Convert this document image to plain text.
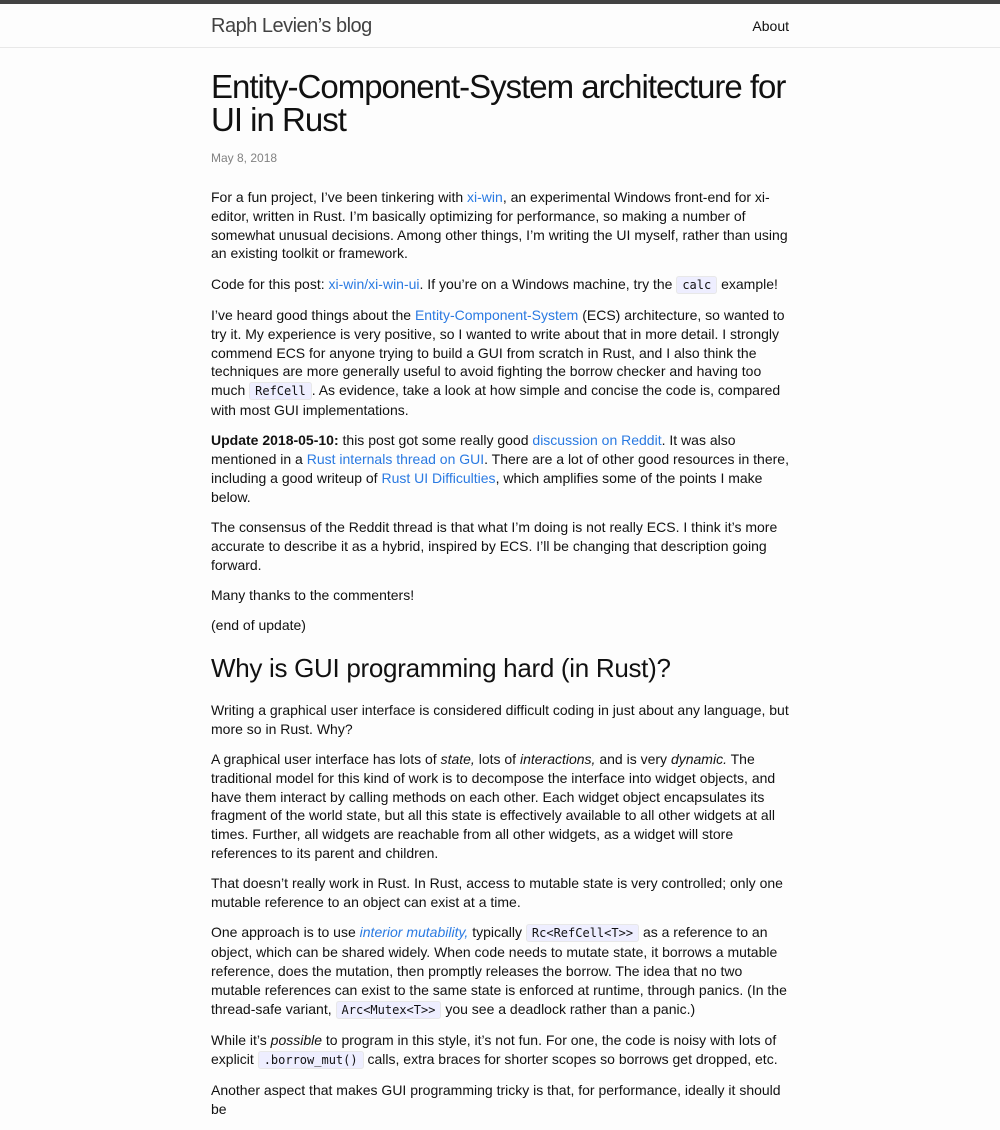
Raph Levien’s blog	About
Entity-Component-System architecture for UI in Rust

May 8, 2018

For a fun project, I’ve been tinkering with xi-win, an experimental Windows front-end for xi-editor, written in Rust. I’m basically optimizing for performance, so making a number of somewhat unusual decisions. Among other things, I’m writing the UI myself, rather than using an existing toolkit or framework.

Code for this post: xi-win/xi-win-ui. If you’re on a Windows machine, try the calc example!

I’ve heard good things about the Entity-Component-System (ECS) architecture, so wanted to try it. My experience is very positive, so I wanted to write about that in more detail. I strongly commend ECS for anyone trying to build a GUI from scratch in Rust, and I also think the techniques are more generally useful to avoid fighting the borrow checker and having too much RefCell . As evidence, take a look at how simple and concise the code is, compared with most GUI implementations.

Update 2018-05-10: this post got some really good discussion on Reddit. It was also mentioned in a Rust internals thread on GUI. There are a lot of other good resources in there, including a good writeup of Rust UI Difficulties, which amplifies some of the points I make below.

The consensus of the Reddit thread is that what I’m doing is not really ECS. I think it’s more accurate to describe it as a hybrid, inspired by ECS. I’ll be changing that description going forward.

Many thanks to the commenters!

(end of update)

Why is GUI programming hard (in Rust)?

Writing a graphical user interface is considered difficult coding in just about any language, but more so in Rust. Why?

A graphical user interface has lots of state, lots of interactions, and is very dynamic. The traditional model for this kind of work is to decompose the interface into widget objects, and have them interact by calling methods on each other. Each widget object encapsulates its fragment of the world state, but all this state is effectively available to all other widgets at all times. Further, all widgets are reachable from all other widgets, as a widget will store references to its parent and children.

That doesn’t really work in Rust. In Rust, access to mutable state is very controlled; only one mutable reference to an object can exist at a time.

One approach is to use interior mutability, typically Rc<RefCell<T>> as a reference to an object, which can be shared widely. When code needs to mutate state, it borrows a mutable reference, does the mutation, then promptly releases the borrow. The idea that no two mutable references can exist to the same state is enforced at runtime, through panics. (In the thread-safe variant, Arc<Mutex<T>> you see a deadlock rather than a panic.)

While it’s possible to program in this style, it’s not fun. For one, the code is noisy with lots of explicit .borrow_mut() calls, extra braces for shorter scopes so borrows get dropped, etc.

Another aspect that makes GUI programming tricky is that, for performance, ideally it should be
